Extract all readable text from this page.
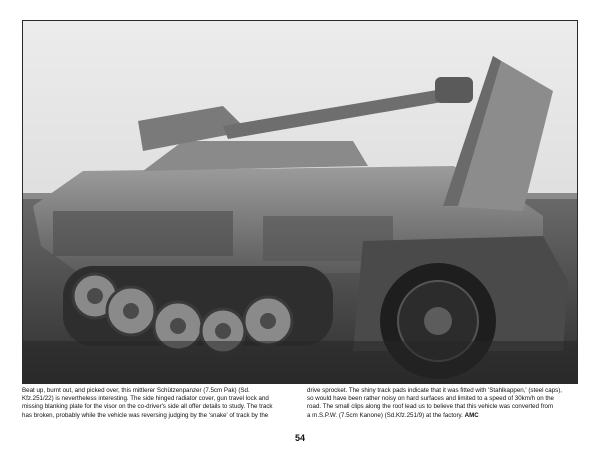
Beat up, burnt out, and picked over, this mittlerer Schützenpanzer (7.5cm Pak) (Sd.
Kfz.251/22) is nevertheless interesting. The side hinged radiator cover, gun travel lock and
missing blanking plate for the visor on the co-driver's side all offer details to study. The track
has broken, probably while the vehicle was reversing judging by the 'snake' of track by the
drive sprocket. The shiny track pads indicate that it was fitted with 'Stahlkappen,' (steel caps),
so would have been rather noisy on hard surfaces and limited to a speed of 30km/h on the
road. The small clips along the roof lead us to believe that this vehicle was converted from
a m.S.P.W. (7.5cm Kanone) (Sd.Kfz.251/9) at the factory. AMC
54
